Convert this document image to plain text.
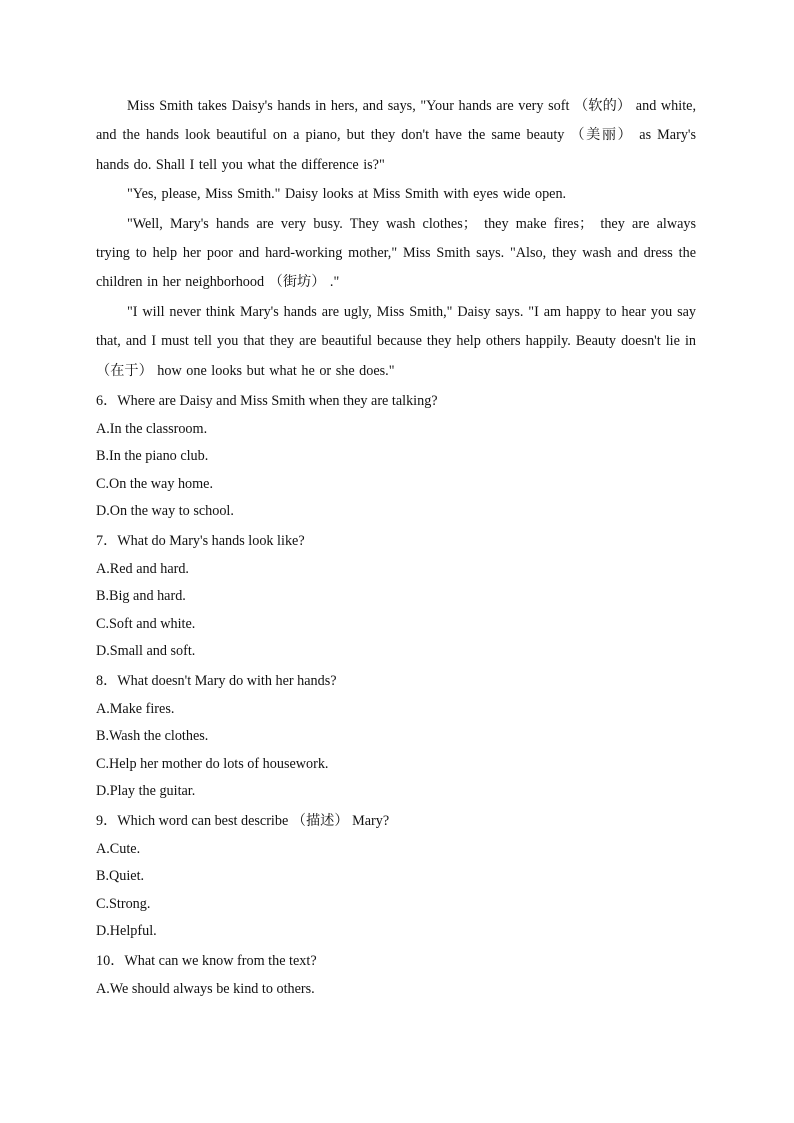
Miss Smith takes Daisy's hands in hers, and says, "Your hands are very soft （软的） and white, and the hands look beautiful on a piano, but they don't have the same beauty （美丽） as Mary's hands do. Shall I tell you what the difference is?"

"Yes, please, Miss Smith." Daisy looks at Miss Smith with eyes wide open.

"Well, Mary's hands are very busy. They wash clothes； they make fires； they are always trying to help her poor and hard-working mother," Miss Smith says. "Also, they wash and dress the children in her neighborhood （街坊） ."

"I will never think Mary's hands are ugly, Miss Smith," Daisy says. "I am happy to hear you say that, and I must tell you that they are beautiful because they help others happily. Beauty doesn't lie in （在于） how one looks but what he or she does."

6．Where are Daisy and Miss Smith when they are talking?

A.In the classroom.

B.In the piano club.

C.On the way home.

D.On the way to school.

7．What do Mary's hands look like?

A.Red and hard.

B.Big and hard.

C.Soft and white.

D.Small and soft.

8．What doesn't Mary do with her hands?

A.Make fires.

B.Wash the clothes.

C.Help her mother do lots of housework.

D.Play the guitar.

9．Which word can best describe （描述） Mary?

A.Cute.

B.Quiet.

C.Strong.

D.Helpful.

10．What can we know from the text?

A.We should always be kind to others.
